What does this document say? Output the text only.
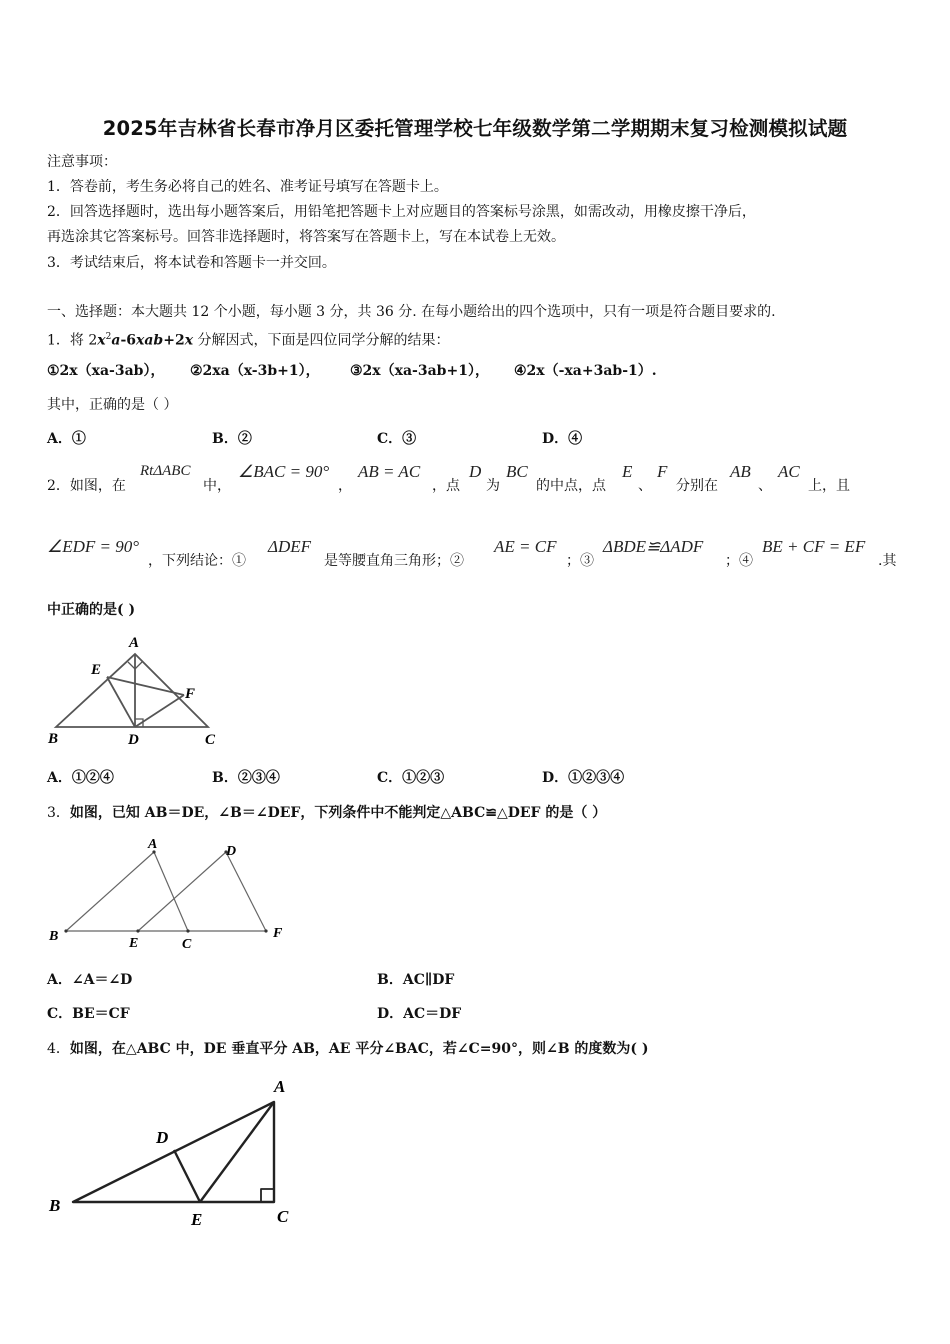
2025年吉林省长春市净月区委托管理学校七年级数学第二学期期末复习检测模拟试题
注意事项：
1．答卷前，考生务必将自己的姓名、准考证号填写在答题卡上。
2．回答选择题时，选出每小题答案后，用铅笔把答题卡上对应题目的答案标号涂黑，如需改动，用橡皮擦干净后，
再选涂其它答案标号。回答非选择题时，将答案写在答题卡上，写在本试卷上无效。
3．考试结束后，将本试卷和答题卡一并交回。
一、选择题：本大题共 12 个小题，每小题 3 分，共 36 分. 在每小题给出的四个选项中，只有一项是符合题目要求的.
1．将 $2x^2a-6xab+2x$ 分解因式，下面是四位同学分解的结果：
①2x（xa-3ab）， ②2xa（x-3b+1）， ③2x（xa-3ab+1）， ④2x（-xa+3ab-1）.
其中，正确的是（ ）
A．①	B．②	C．③	D．④
2．如图，在
RtΔABC
中，
∠BAC = 90°
，
AB = AC
，点
D
为
BC
的中点，点
E
、
F
分别在
AB
、
AC
上，且
∠EDF = 90°
，下列结论：①
ΔDEF
是等腰直角三角形；②
AE = CF
；③
ΔBDE≌ΔADF
；④
BE + CF = EF
.其
中正确的是( )
A
E
F
B	D	C
A．①②④	B．②③④	C．①②③	D．①②③④
3．如图，已知 AB＝DE，∠B＝∠DEF，下列条件中不能判定△ABC≌△DEF 的是（ ）
A	D
B	E	C
F
A．∠A＝∠D	B．AC∥DF
C．BE＝CF	D．AC＝DF
4．如图，在△ABC 中，DE 垂直平分 AB，AE 平分∠BAC，若∠C=90°，则∠B 的度数为( )
A
D
B
E	C
